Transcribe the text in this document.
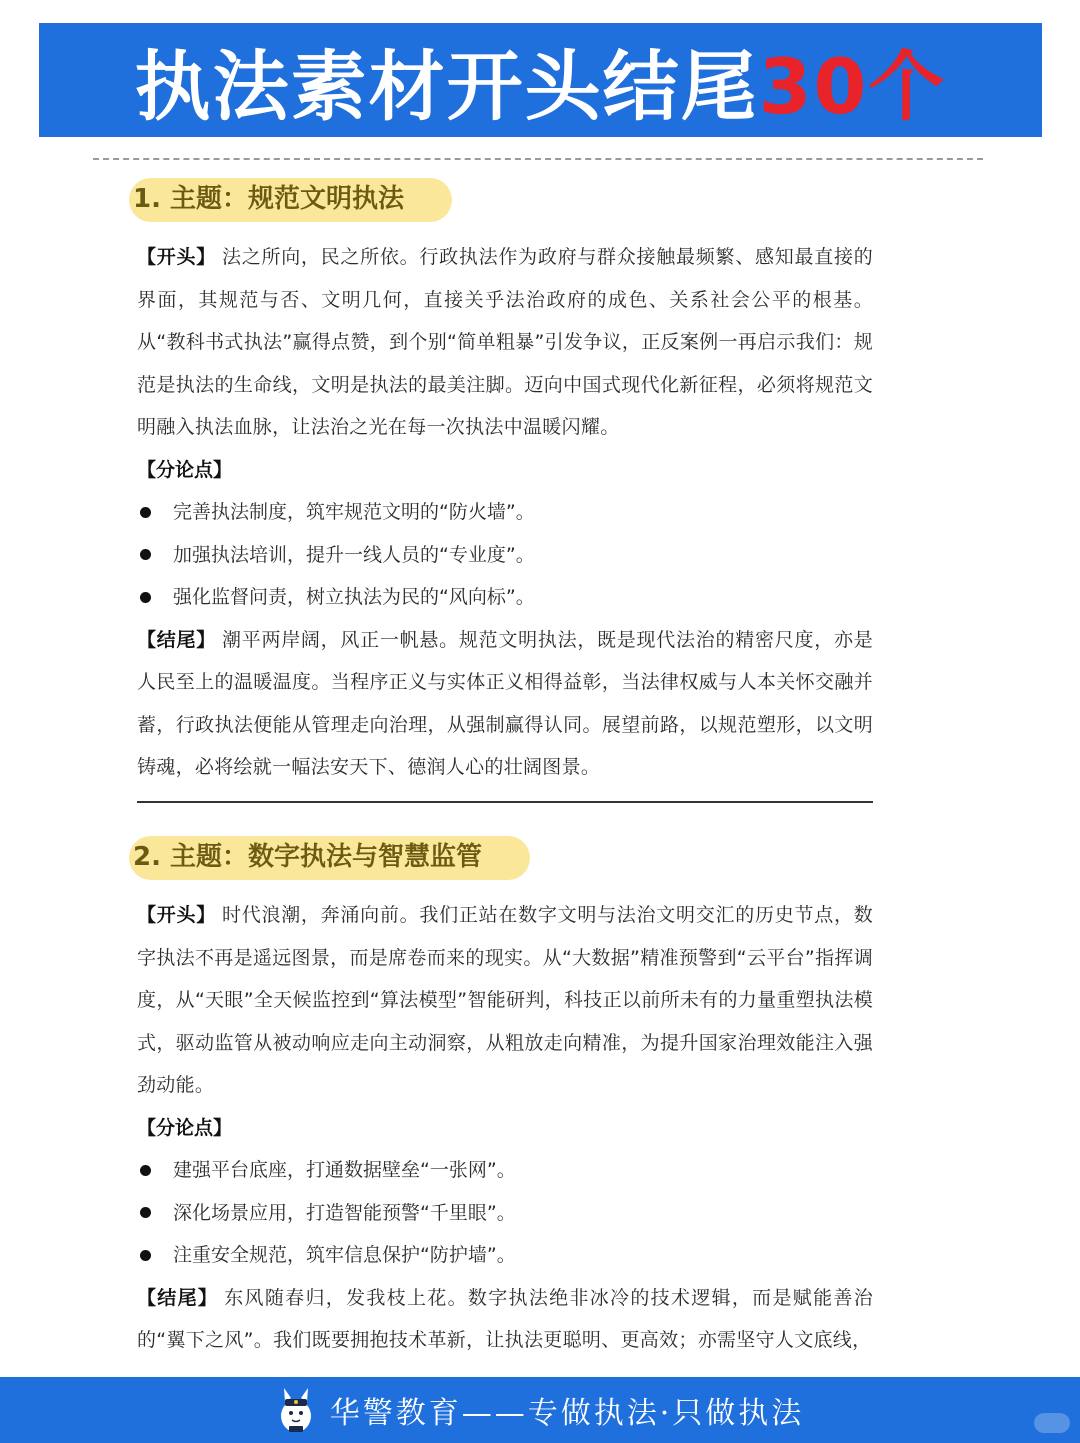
执法素材开头结尾30个
1. 主题：规范文明执法

【开头】 法之所向，民之所依。行政执法作为政府与群众接触最频繁、感知最直接的界面，其规范与否、文明几何，直接关乎法治政府的成色、关系社会公平的根基。从“教科书式执法”赢得点赞，到个别“简单粗暴”引发争议，正反案例一再启示我们：规范是执法的生命线，文明是执法的最美注脚。迈向中国式现代化新征程，必须将规范文明融入执法血脉，让法治之光在每一次执法中温暖闪耀。

【分论点】
完善执法制度，筑牢规范文明的“防火墙”。
加强执法培训，提升一线人员的“专业度”。
强化监督问责，树立执法为民的“风向标”。

【结尾】 潮平两岸阔，风正一帆悬。规范文明执法，既是现代法治的精密尺度，亦是人民至上的温暖温度。当程序正义与实体正义相得益彰，当法律权威与人本关怀交融并蓄，行政执法便能从管理走向治理，从强制赢得认同。展望前路，以规范塑形，以文明铸魂，必将绘就一幅法安天下、德润人心的壮阔图景。

2. 主题：数字执法与智慧监管

【开头】 时代浪潮，奔涌向前。我们正站在数字文明与法治文明交汇的历史节点，数字执法不再是遥远图景，而是席卷而来的现实。从“大数据”精准预警到“云平台”指挥调度，从“天眼”全天候监控到“算法模型”智能研判，科技正以前所未有的力量重塑执法模式，驱动监管从被动响应走向主动洞察，从粗放走向精准，为提升国家治理效能注入强劲动能。

【分论点】
建强平台底座，打通数据壁垒“一张网”。
深化场景应用，打造智能预警“千里眼”。
注重安全规范，筑牢信息保护“防护墙”。

【结尾】 东风随春归，发我枝上花。数字执法绝非冰冷的技术逻辑，而是赋能善治的“翼下之风”。我们既要拥抱技术革新，让执法更聪明、更高效；亦需坚守人文底线，

华警教育——专做执法·只做执法
